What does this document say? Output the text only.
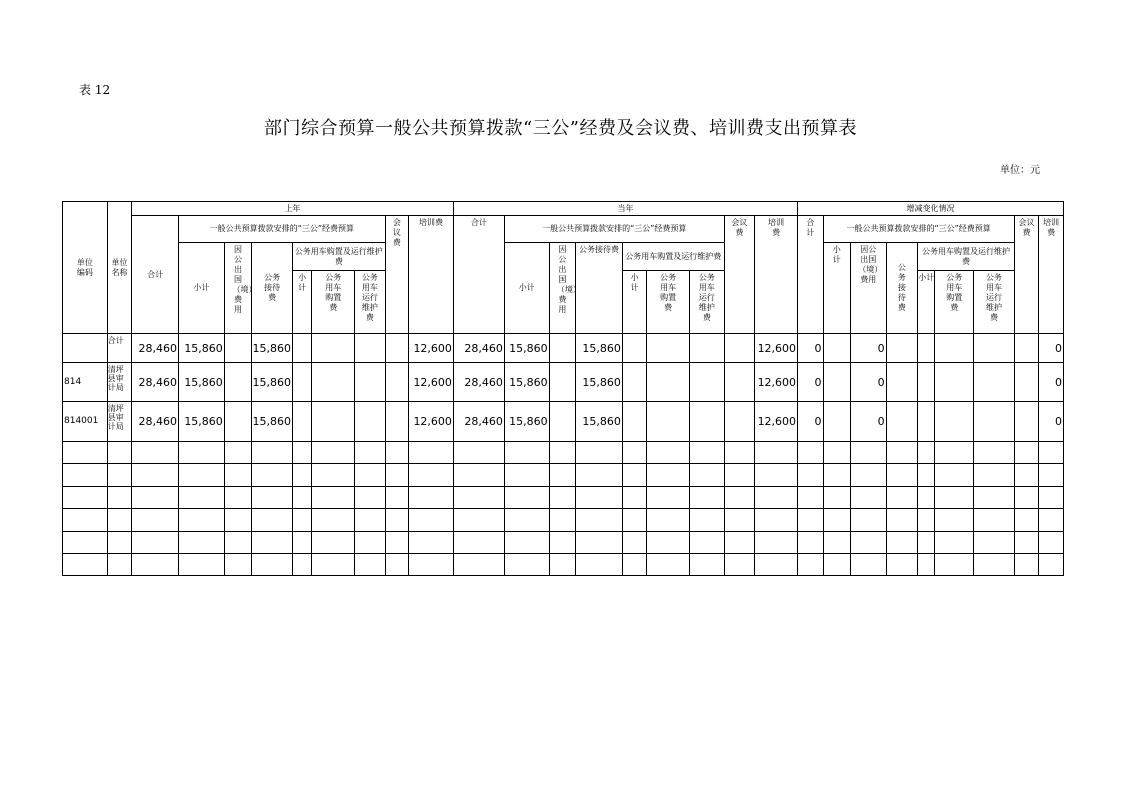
表 12
部门综合预算一般公共预算拨款“三公”经费及会议费、培训费支出预算表
单位：元
单位编码	单位名称	上年									当年									增减变化情况								
		合计	一般公共预算拨款安排的“三公”经费预算						会议费	培训费	合计	一般公共预算拨款安排的“三公”经费预算						会议费	培训费	合计	一般公共预算拨款安排的“三公”经费预算						会议费	培训费
			小计	因公出国（境）费用	公务接待费	公务用车购置及运行维护费						小计	因公出国（境）费用	公务接待费	公务用车购置及运行维护费						小计	因公出国（境）费用	公务接待费	公务用车购置及运行维护费				
						小计	公务用车购置费	公务用车运行维护费							小计	公务用车购置费	公务用车运行维护费							小计	公务用车购置费	公务用车运行维护费		
	合计	28,460	15,860		15,860					12,600	28,460	15,860		15,860					12,600	0		0						0
814	清坪县审计局	28,460	15,860		15,860					12,600	28,460	15,860		15,860					12,600	0		0						0
814001	清坪县审计局	28,460	15,860		15,860					12,600	28,460	15,860		15,860					12,600	0		0						0
